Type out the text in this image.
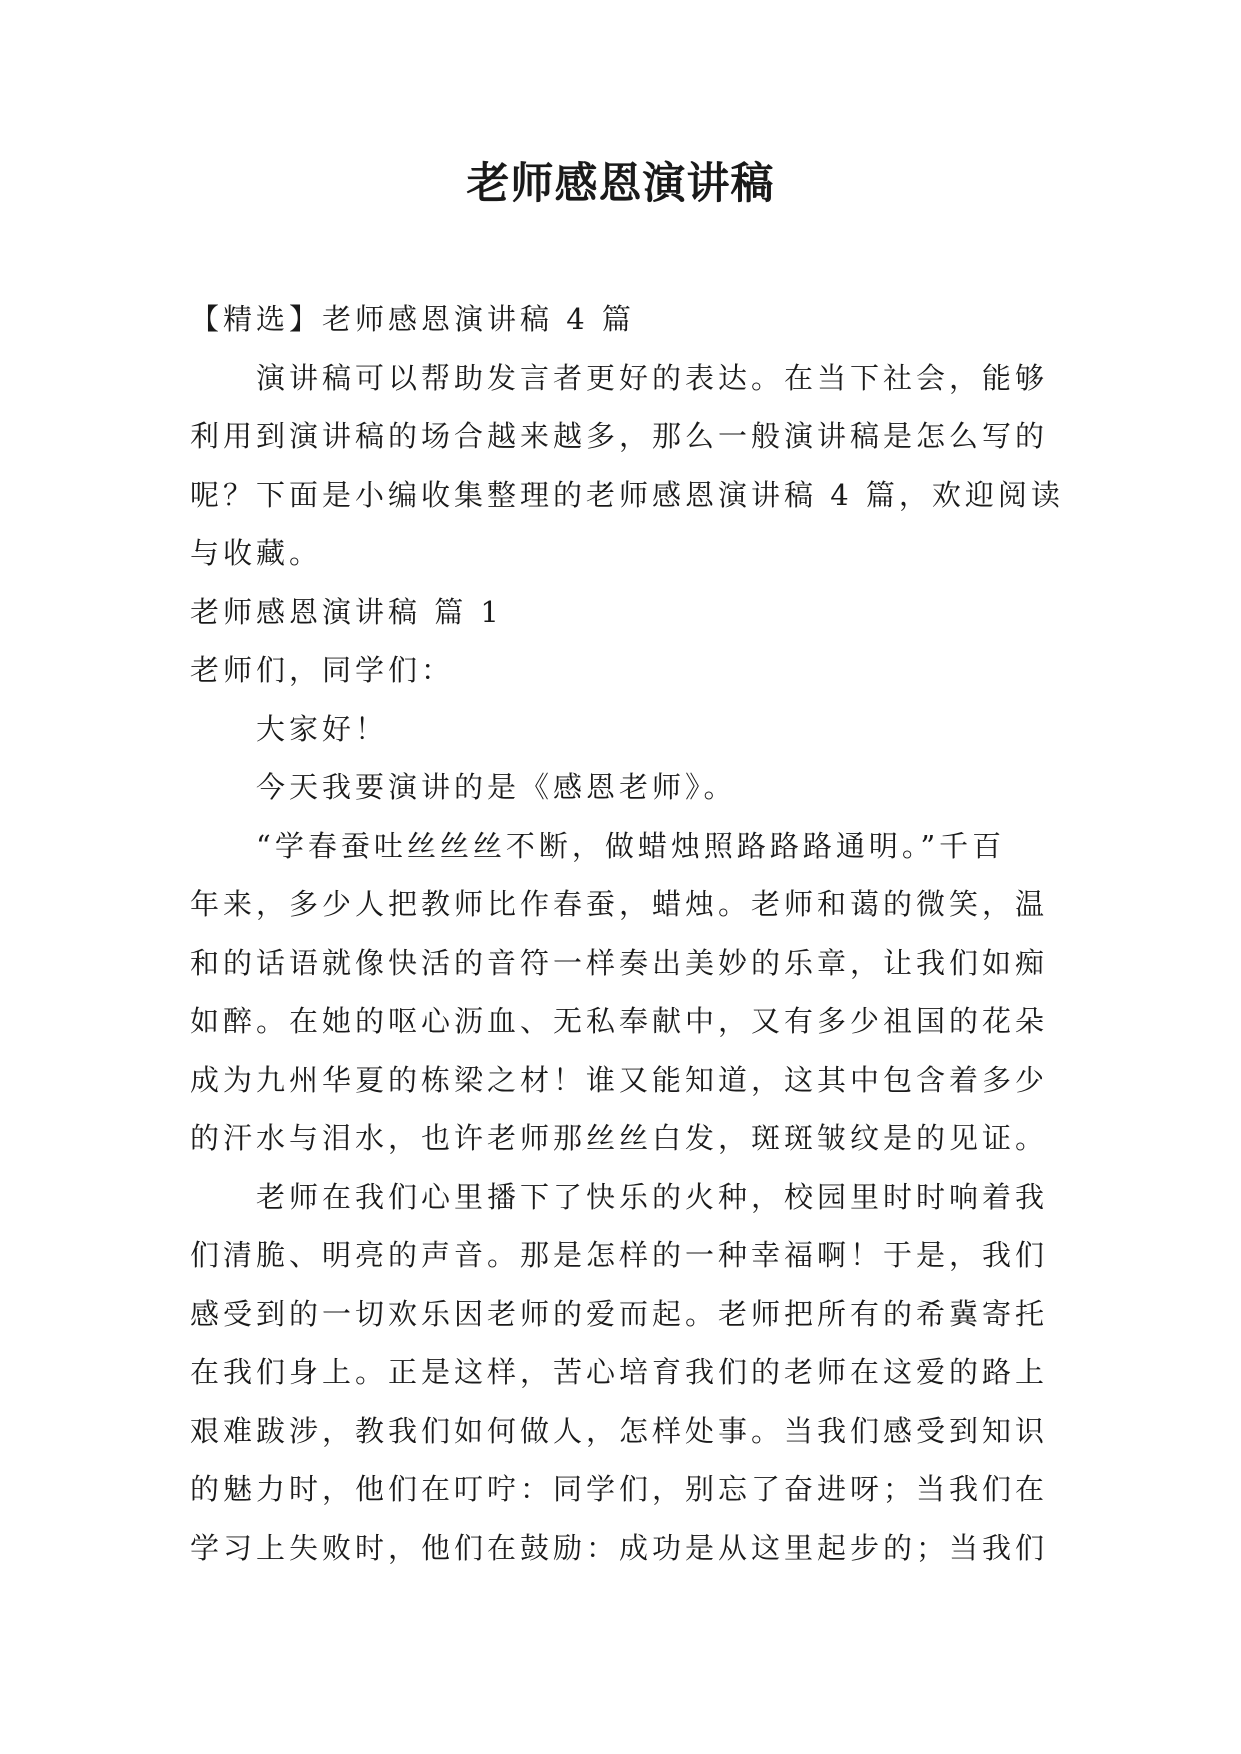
老师感恩演讲稿

【精选】老师感恩演讲稿 4 篇

演讲稿可以帮助发言者更好的表达。在当下社会，能够

利用到演讲稿的场合越来越多，那么一般演讲稿是怎么写的

呢？下面是小编收集整理的老师感恩演讲稿 4 篇，欢迎阅读

与收藏。

老师感恩演讲稿 篇 1

老师们，同学们：

大家好！

今天我要演讲的是《感恩老师》。

“学春蚕吐丝丝丝不断，做蜡烛照路路路通明。”千百

年来，多少人把教师比作春蚕，蜡烛。老师和蔼的微笑，温

和的话语就像快活的音符一样奏出美妙的乐章，让我们如痴

如醉。在她的呕心沥血、无私奉献中，又有多少祖国的花朵

成为九州华夏的栋梁之材！谁又能知道，这其中包含着多少

的汗水与泪水，也许老师那丝丝白发，斑斑皱纹是的见证。

老师在我们心里播下了快乐的火种，校园里时时响着我

们清脆、明亮的声音。那是怎样的一种幸福啊！于是，我们

感受到的一切欢乐因老师的爱而起。老师把所有的希冀寄托

在我们身上。正是这样，苦心培育我们的老师在这爱的路上

艰难跋涉，教我们如何做人，怎样处事。当我们感受到知识

的魅力时，他们在叮咛：同学们，别忘了奋进呀；当我们在

学习上失败时，他们在鼓励：成功是从这里起步的；当我们
